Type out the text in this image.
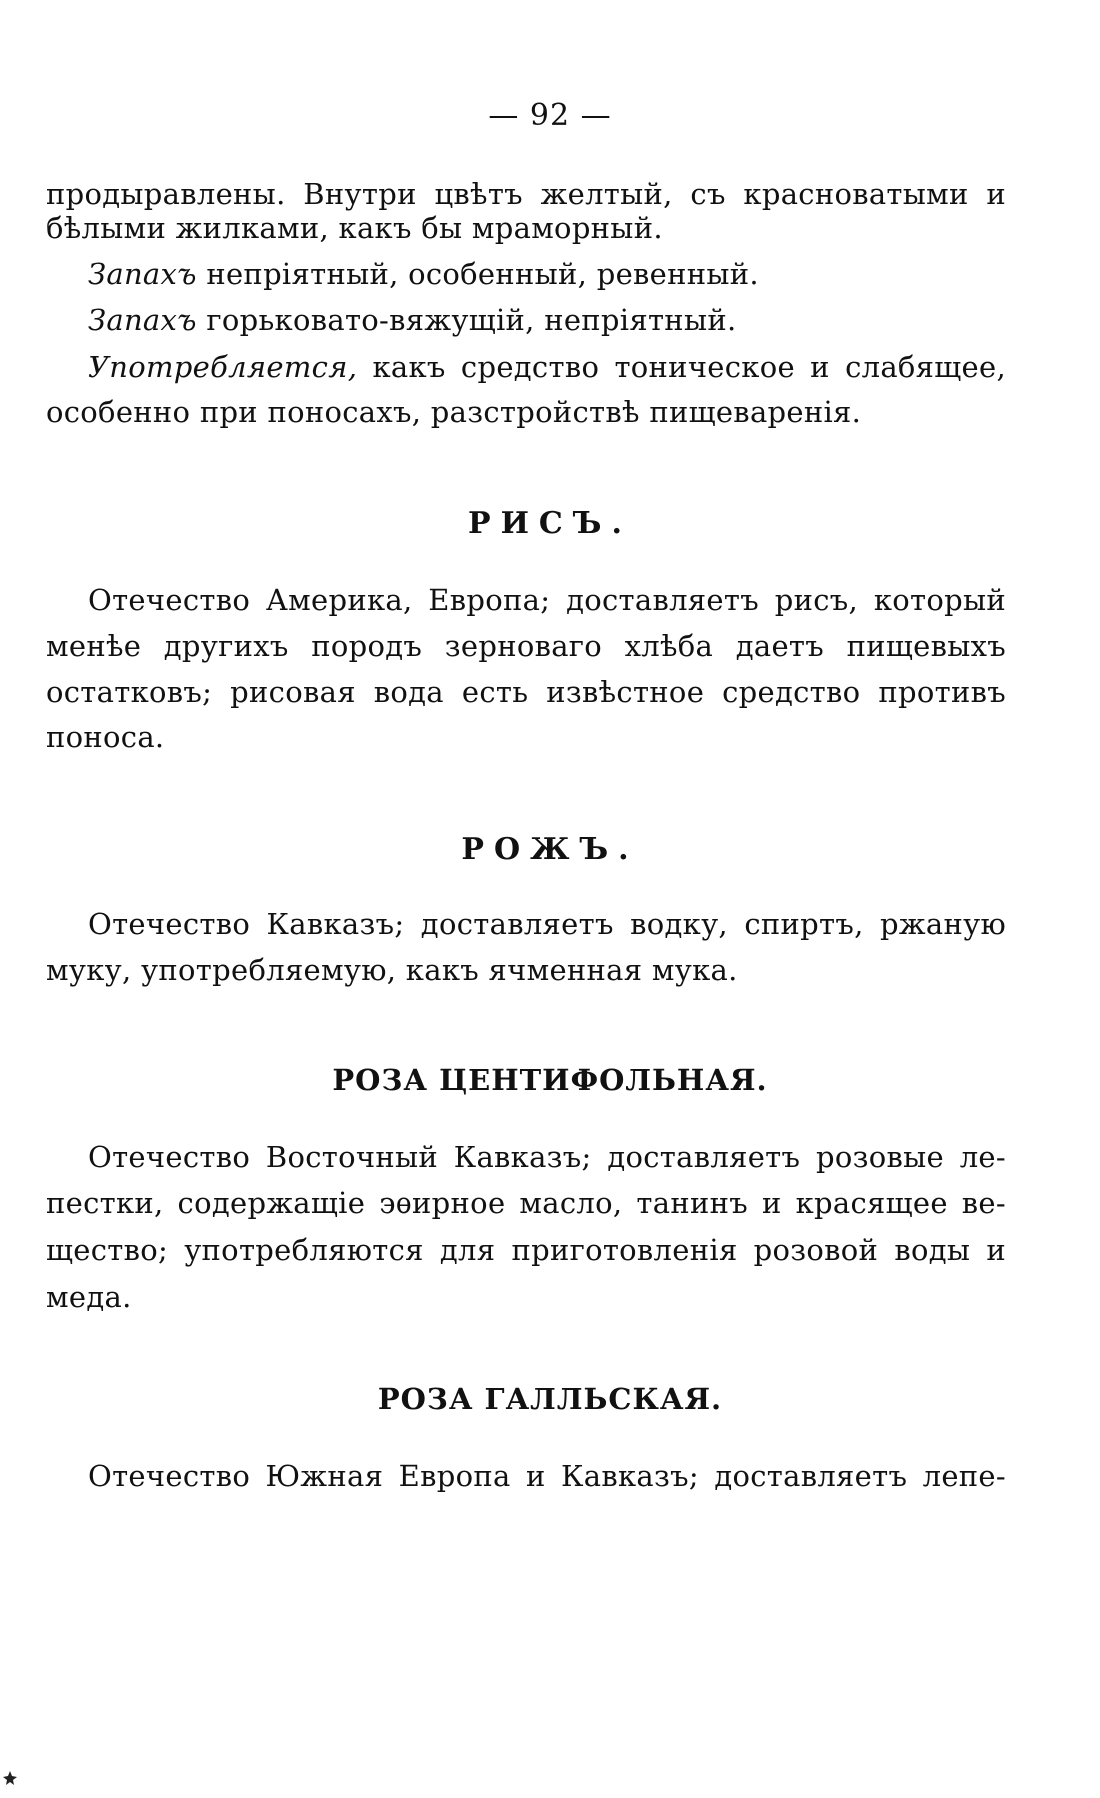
— 92 —
продыравлены. Внутри цвѣтъ желтый, съ красноватыми и
бѣлыми жилками, какъ бы мраморный.
Запахъ непріятный, особенный, ревенный.
Запахъ горьковато-вяжущій, непріятный.
Употребляется, какъ средство тоническое и слабящее,
особенно при поносахъ, разстройствѣ пищеваренія.
РИСЪ.
Отечество Америка, Европа; доставляетъ рисъ, который
менѣе другихъ породъ зерноваго хлѣба даетъ пищевыхъ
остатковъ; рисовая вода есть извѣстное средство противъ
поноса.
РОЖЪ.
Отечество Кавказъ; доставляетъ водку, спиртъ, ржаную
муку, употребляемую, какъ ячменная мука.
РОЗА ЦЕНТИФОЛЬНАЯ.
Отечество Восточный Кавказъ; доставляетъ розовые ле-
пестки, содержащіе эѳирное масло, танинъ и красящее ве-
щество; употребляются для приготовленія розовой воды и
меда.
РОЗА ГАЛЛЬСКАЯ.
Отечество Южная Европа и Кавказъ; доставляетъ лепе-
